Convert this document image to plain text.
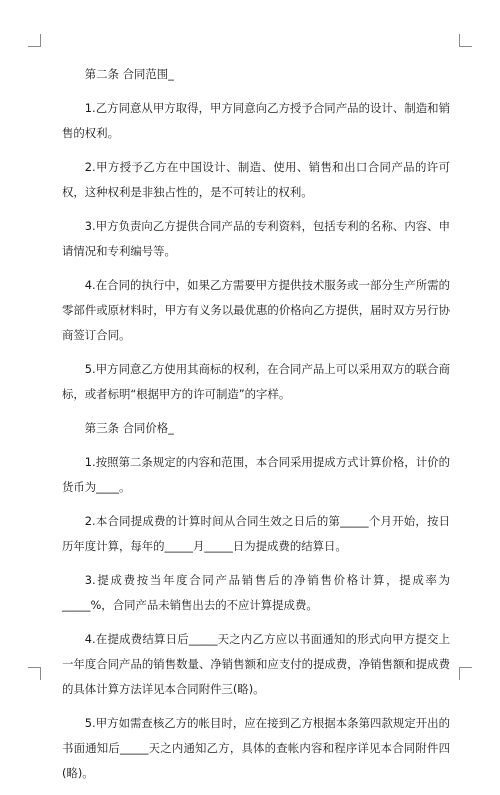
第二条 合同范围_

1.乙方同意从甲方取得，甲方同意向乙方授予合同产品的设计、制造和销售的权利。

2.甲方授予乙方在中国设计、制造、使用、销售和出口合同产品的许可权，这种权利是非独占性的，是不可转让的权利。

3.甲方负责向乙方提供合同产品的专利资料，包括专利的名称、内容、申请情况和专利编号等。

4.在合同的执行中，如果乙方需要甲方提供技术服务或一部分生产所需的零部件或原材料时，甲方有义务以最优惠的价格向乙方提供，届时双方另行协商签订合同。

5.甲方同意乙方使用其商标的权利，在合同产品上可以采用双方的联合商标，或者标明“根据甲方的许可制造”的字样。

第三条 合同价格_

1.按照第二条规定的内容和范围，本合同采用提成方式计算价格，计价的货币为____。

2.本合同提成费的计算时间从合同生效之日后的第_____个月开始，按日历年度计算，每年的_____月_____日为提成费的结算日。

3.提成费按当年度合同产品销售后的净销售价格计算，提成率为_____%，合同产品未销售出去的不应计算提成费。

4.在提成费结算日后_____天之内乙方应以书面通知的形式向甲方提交上一年度合同产品的销售数量、净销售额和应支付的提成费，净销售额和提成费的具体计算方法详见本合同附件三(略)。

5.甲方如需查核乙方的帐目时，应在接到乙方根据本条第四款规定开出的书面通知后_____天之内通知乙方，具体的查帐内容和程序详见本合同附件四(略)。
